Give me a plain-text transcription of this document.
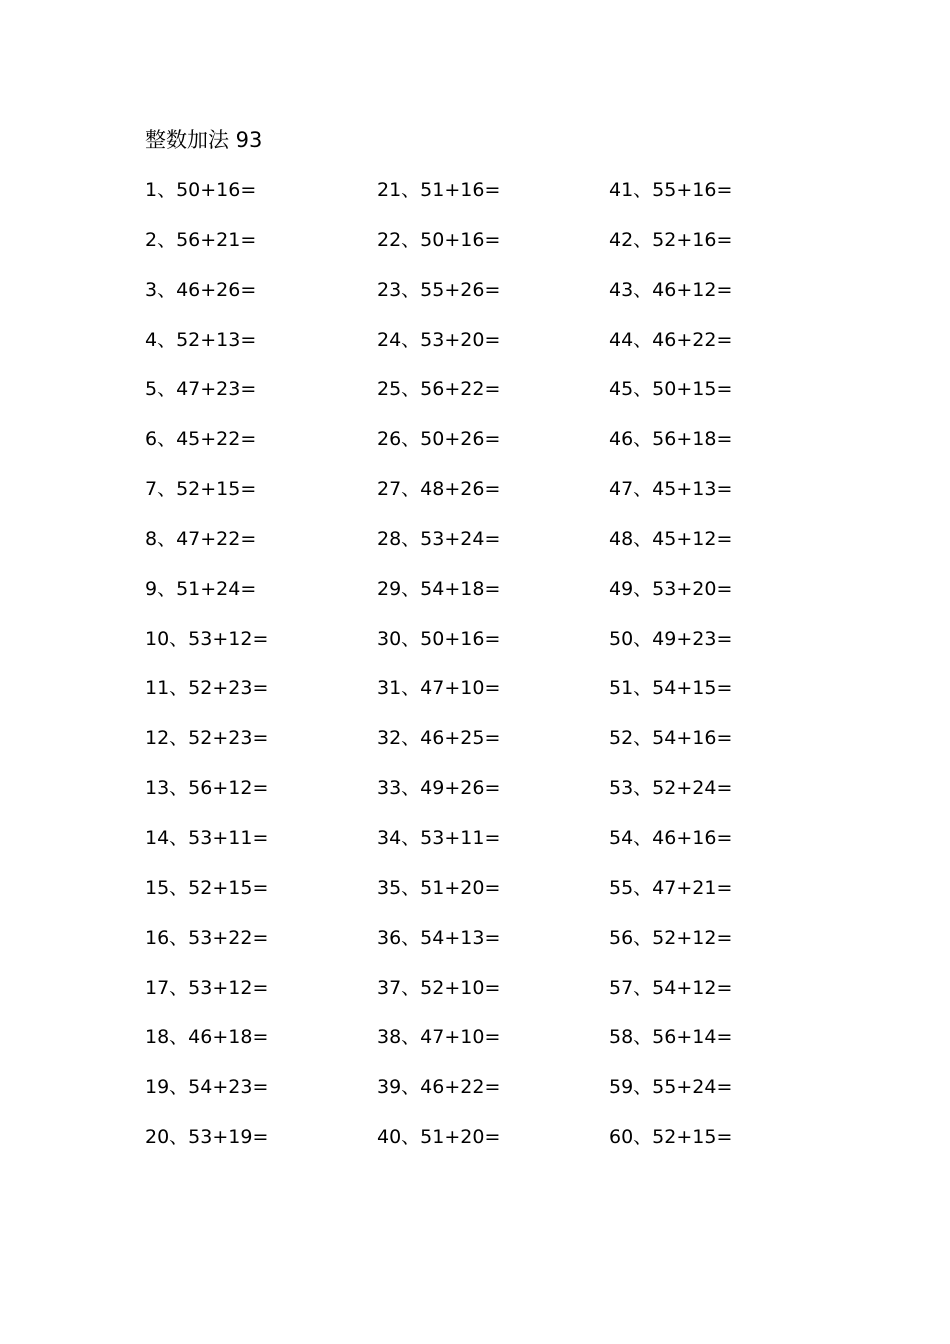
整数加法 93
1、50+16=
2、56+21=
3、46+26=
4、52+13=
5、47+23=
6、45+22=
7、52+15=
8、47+22=
9、51+24=
10、53+12=
11、52+23=
12、52+23=
13、56+12=
14、53+11=
15、52+15=
16、53+22=
17、53+12=
18、46+18=
19、54+23=
20、53+19=
21、51+16=
22、50+16=
23、55+26=
24、53+20=
25、56+22=
26、50+26=
27、48+26=
28、53+24=
29、54+18=
30、50+16=
31、47+10=
32、46+25=
33、49+26=
34、53+11=
35、51+20=
36、54+13=
37、52+10=
38、47+10=
39、46+22=
40、51+20=
41、55+16=
42、52+16=
43、46+12=
44、46+22=
45、50+15=
46、56+18=
47、45+13=
48、45+12=
49、53+20=
50、49+23=
51、54+15=
52、54+16=
53、52+24=
54、46+16=
55、47+21=
56、52+12=
57、54+12=
58、56+14=
59、55+24=
60、52+15=
